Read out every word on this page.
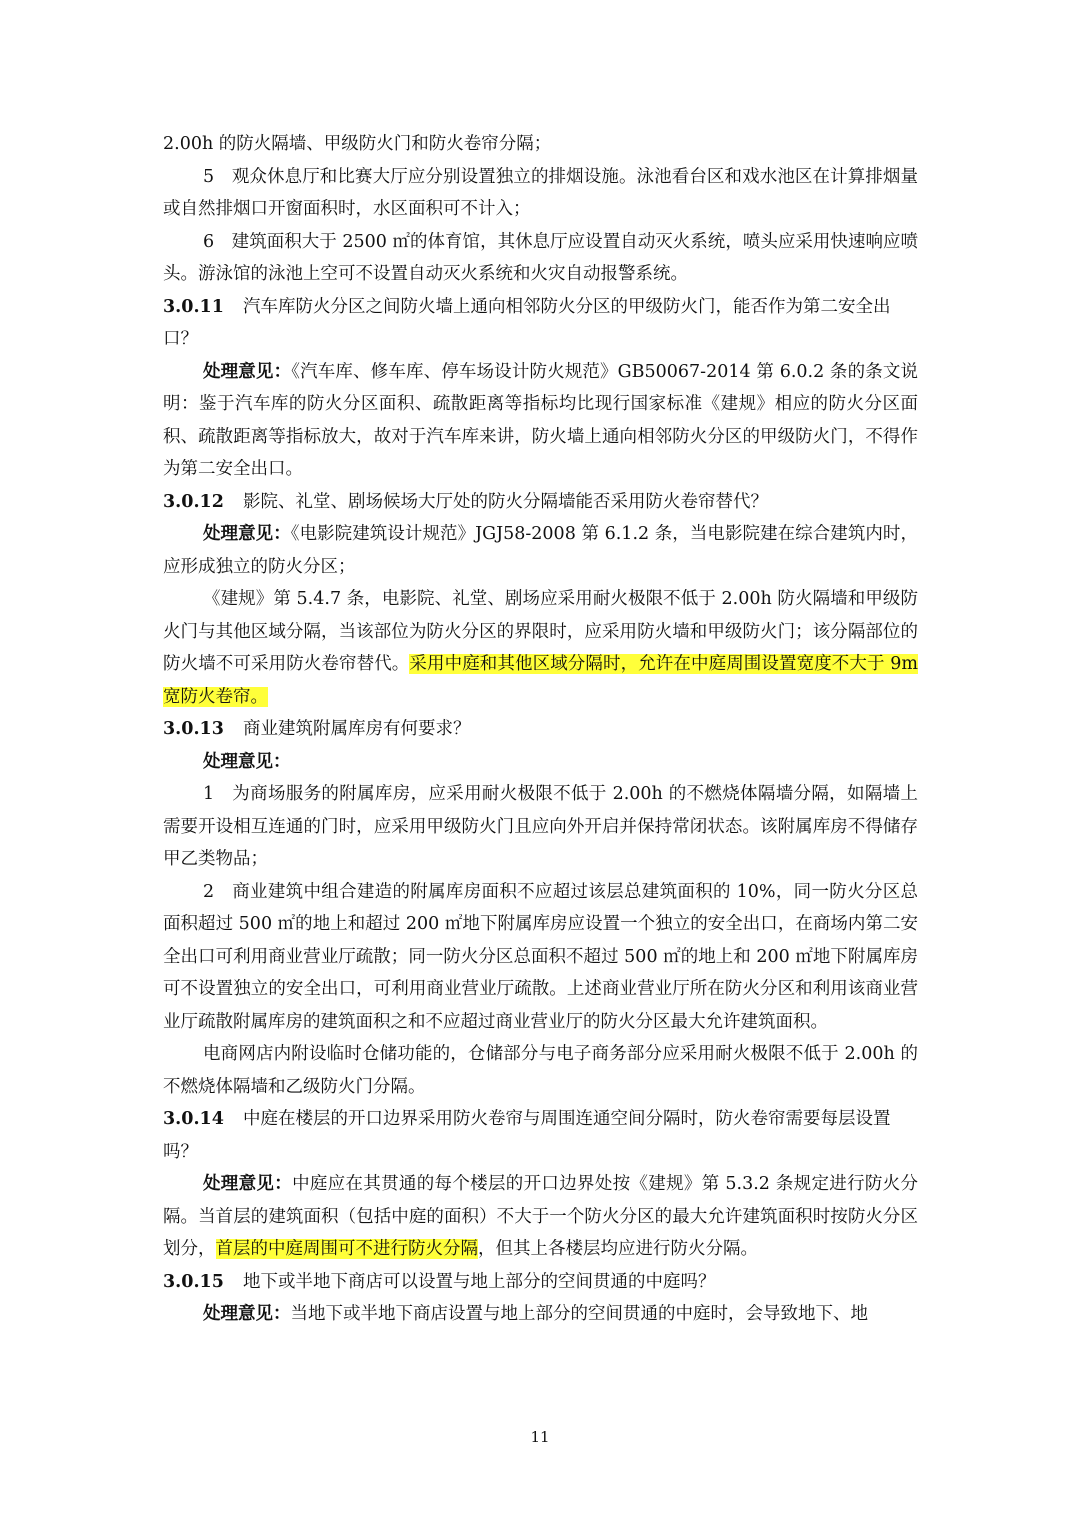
2.00h 的防火隔墙、甲级防火门和防火卷帘分隔；

5　观众休息厅和比赛大厅应分别设置独立的排烟设施。泳池看台区和戏水池区在计算排烟量或自然排烟口开窗面积时，水区面积可不计入；

6　建筑面积大于 2500 ㎡的体育馆，其休息厅应设置自动灭火系统，喷头应采用快速响应喷头。游泳馆的泳池上空可不设置自动灭火系统和火灾自动报警系统。

3.0.11 汽车库防火分区之间防火墙上通向相邻防火分区的甲级防火门，能否作为第二安全出口？

处理意见：《汽车库、修车库、停车场设计防火规范》GB50067-2014 第 6.0.2 条的条文说明：鉴于汽车库的防火分区面积、疏散距离等指标均比现行国家标准《建规》相应的防火分区面积、疏散距离等指标放大，故对于汽车库来讲，防火墙上通向相邻防火分区的甲级防火门，不得作为第二安全出口。

3.0.12 影院、礼堂、剧场候场大厅处的防火分隔墙能否采用防火卷帘替代？

处理意见：《电影院建筑设计规范》JGJ58-2008 第 6.1.2 条，当电影院建在综合建筑内时，应形成独立的防火分区；

《建规》第 5.4.7 条，电影院、礼堂、剧场应采用耐火极限不低于 2.00h 防火隔墙和甲级防火门与其他区域分隔，当该部位为防火分区的界限时，应采用防火墙和甲级防火门；该分隔部位的防火墙不可采用防火卷帘替代。采用中庭和其他区域分隔时，允许在中庭周围设置宽度不大于 9m 宽防火卷帘。

3.0.13 商业建筑附属库房有何要求？

处理意见：

1　为商场服务的附属库房，应采用耐火极限不低于 2.00h 的不燃烧体隔墙分隔，如隔墙上需要开设相互连通的门时，应采用甲级防火门且应向外开启并保持常闭状态。该附属库房不得储存甲乙类物品；

2　商业建筑中组合建造的附属库房面积不应超过该层总建筑面积的 10%，同一防火分区总面积超过 500 ㎡的地上和超过 200 ㎡地下附属库房应设置一个独立的安全出口，在商场内第二安全出口可利用商业营业厅疏散；同一防火分区总面积不超过 500 ㎡的地上和 200 ㎡地下附属库房可不设置独立的安全出口，可利用商业营业厅疏散。上述商业营业厅所在防火分区和利用该商业营业厅疏散附属库房的建筑面积之和不应超过商业营业厅的防火分区最大允许建筑面积。

电商网店内附设临时仓储功能的，仓储部分与电子商务部分应采用耐火极限不低于 2.00h 的不燃烧体隔墙和乙级防火门分隔。

3.0.14 中庭在楼层的开口边界采用防火卷帘与周围连通空间分隔时，防火卷帘需要每层设置吗？

处理意见：中庭应在其贯通的每个楼层的开口边界处按《建规》第 5.3.2 条规定进行防火分隔。当首层的建筑面积（包括中庭的面积）不大于一个防火分区的最大允许建筑面积时按防火分区划分，首层的中庭周围可不进行防火分隔，但其上各楼层均应进行防火分隔。

3.0.15 地下或半地下商店可以设置与地上部分的空间贯通的中庭吗？

处理意见：当地下或半地下商店设置与地上部分的空间贯通的中庭时，会导致地下、地

11
